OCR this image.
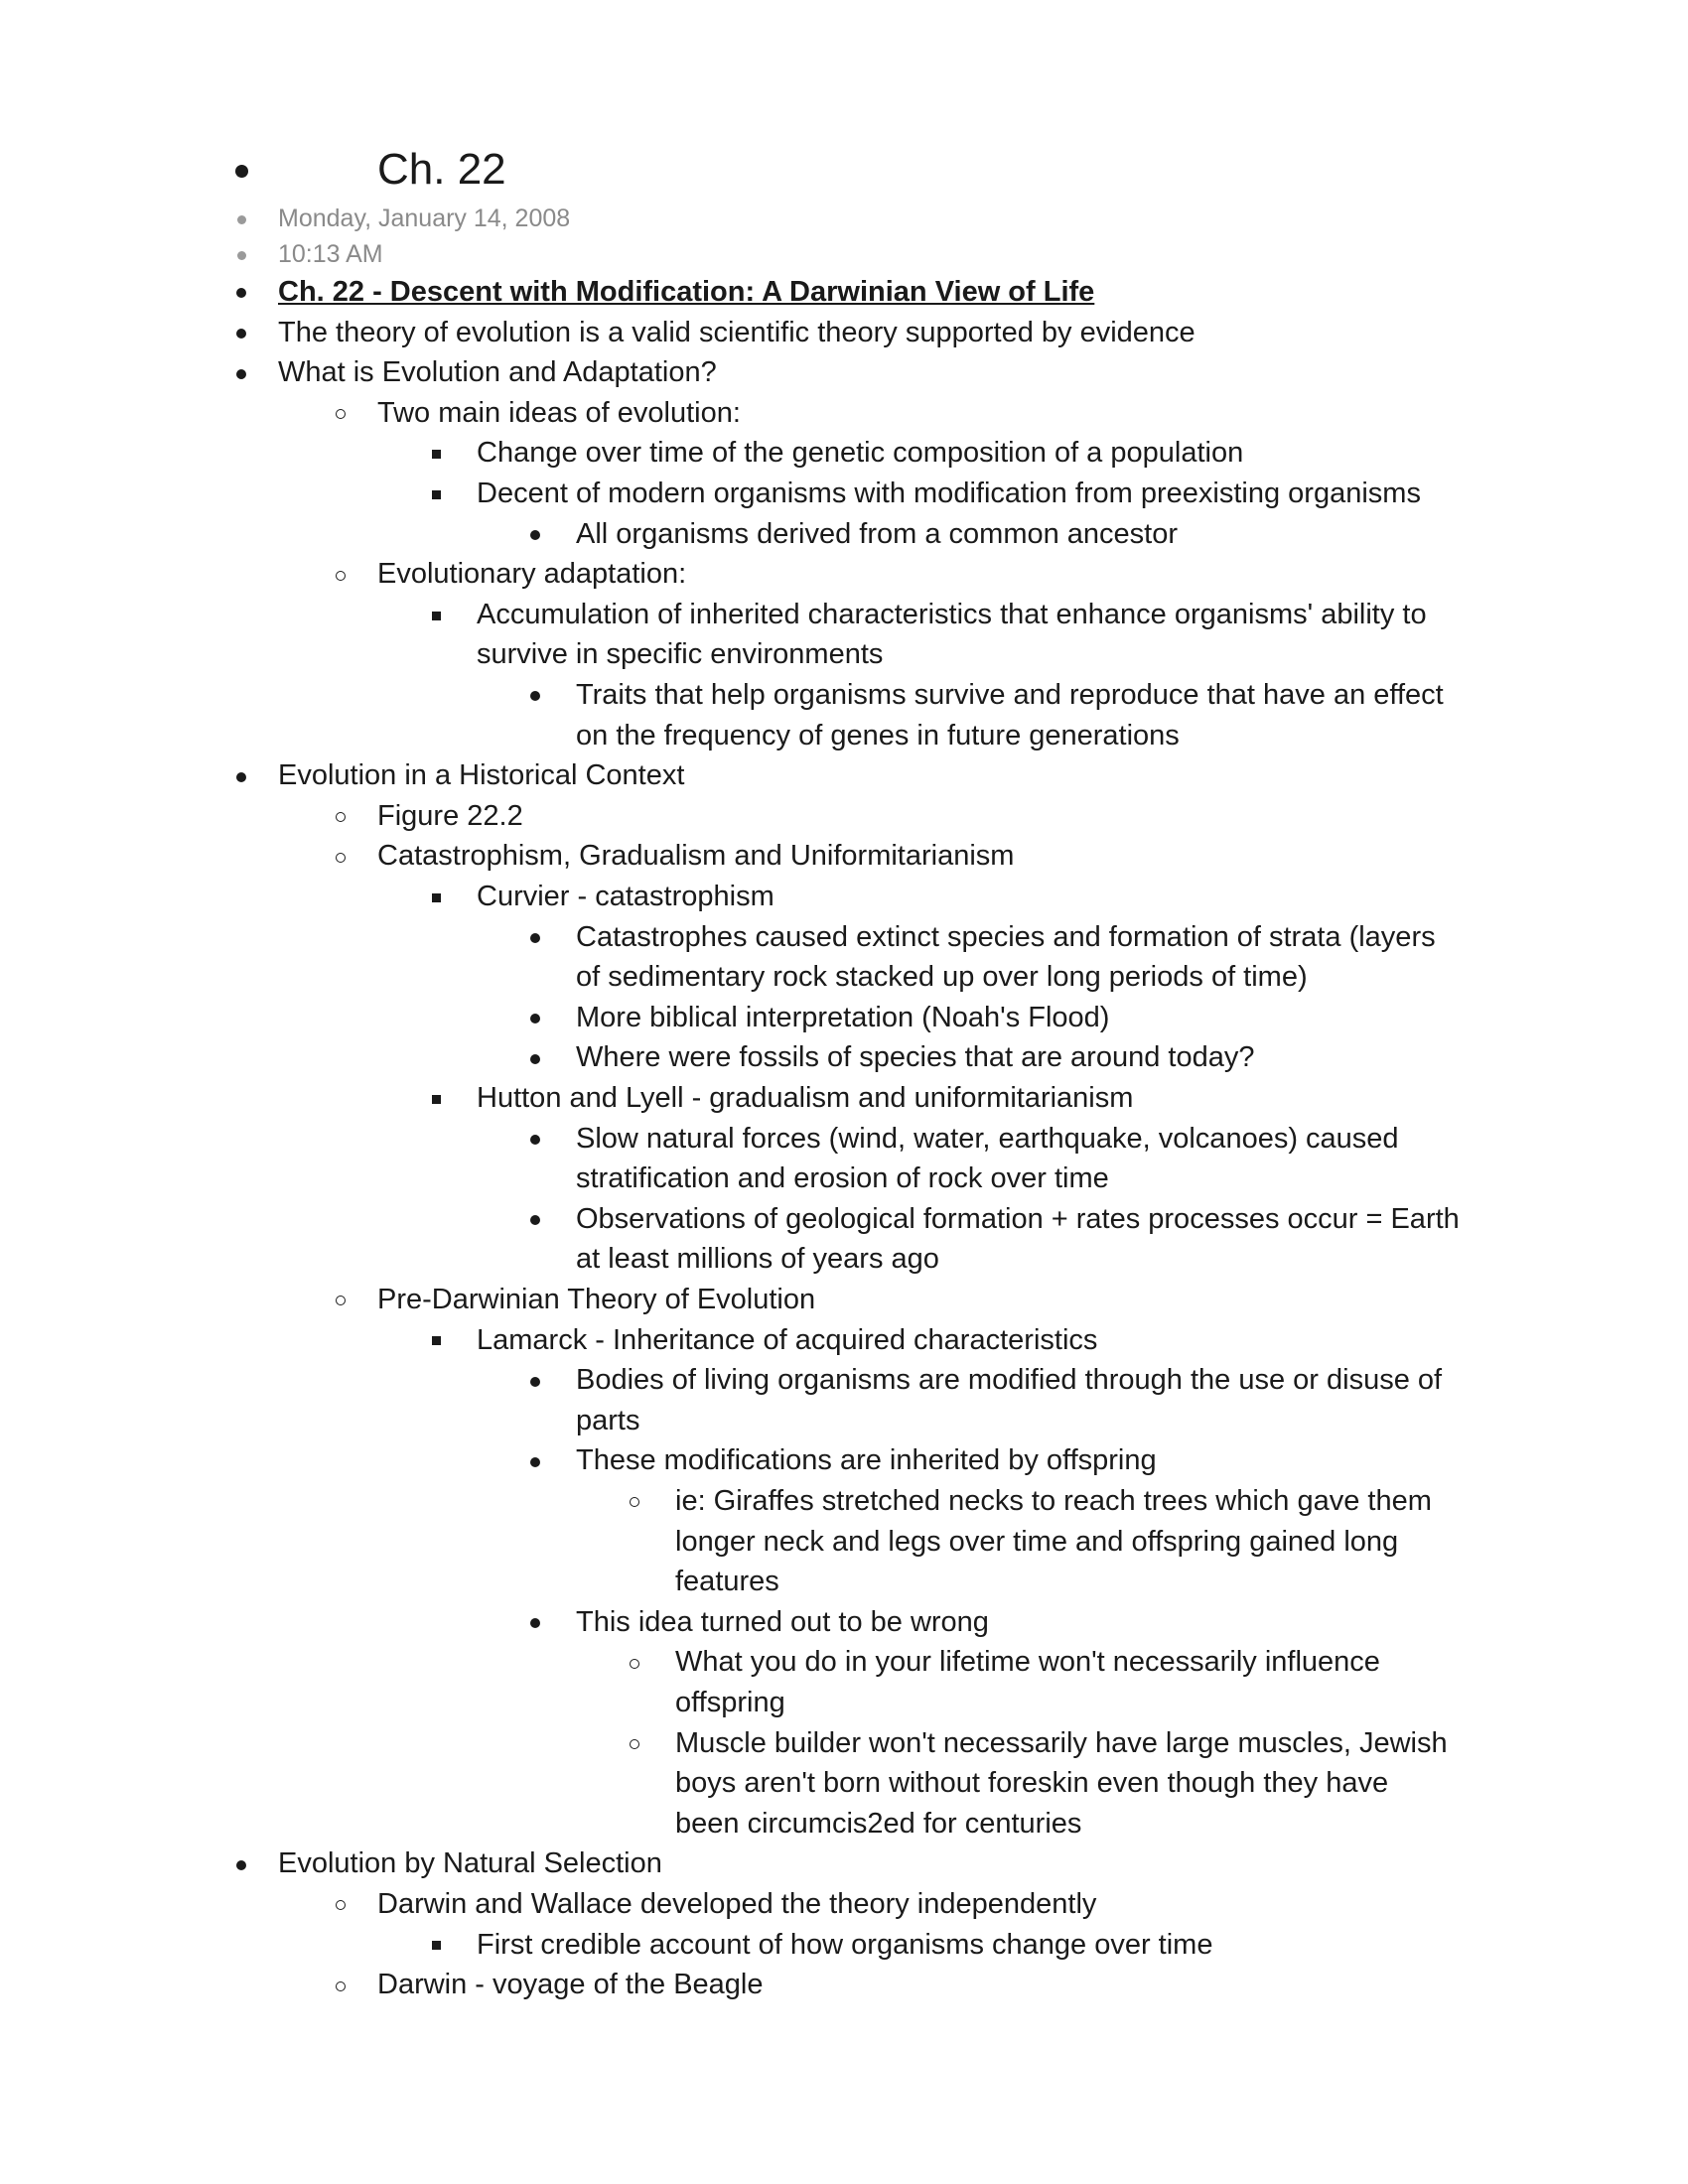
Ch. 22
Monday, January 14, 2008
10:13 AM
Ch. 22 - Descent with Modification: A Darwinian View of Life
The theory of evolution is a valid scientific theory supported by evidence
What is Evolution and Adaptation?
Two main ideas of evolution:
Change over time of the genetic composition of a population
Decent of modern organisms with modification from preexisting organisms
All organisms derived from a common ancestor
Evolutionary adaptation:
Accumulation of inherited characteristics that enhance organisms' ability to
survive in specific environments
Traits that help organisms survive and reproduce that have an effect
on the frequency of genes in future generations
Evolution in a Historical Context
Figure 22.2
Catastrophism, Gradualism and Uniformitarianism
Curvier - catastrophism
Catastrophes caused extinct species and formation of strata (layers
of sedimentary rock stacked up over long periods of time)
More biblical interpretation (Noah's Flood)
Where were fossils of species that are around today?
Hutton and Lyell - gradualism and uniformitarianism
Slow natural forces (wind, water, earthquake, volcanoes) caused
stratification and erosion of rock over time
Observations of geological formation + rates processes occur = Earth
at least millions of years ago
Pre-Darwinian Theory of Evolution
Lamarck - Inheritance of acquired characteristics
Bodies of living organisms are modified through the use or disuse of
parts
These modifications are inherited by offspring
ie: Giraffes stretched necks to reach trees which gave them
longer neck and legs over time and offspring gained long
features
This idea turned out to be wrong
What you do in your lifetime won't necessarily influence
offspring
Muscle builder won't necessarily have large muscles, Jewish
boys aren't born without foreskin even though they have
been circumcis2ed for centuries
Evolution by Natural Selection
Darwin and Wallace developed the theory independently
First credible account of how organisms change over time
Darwin - voyage of the Beagle
